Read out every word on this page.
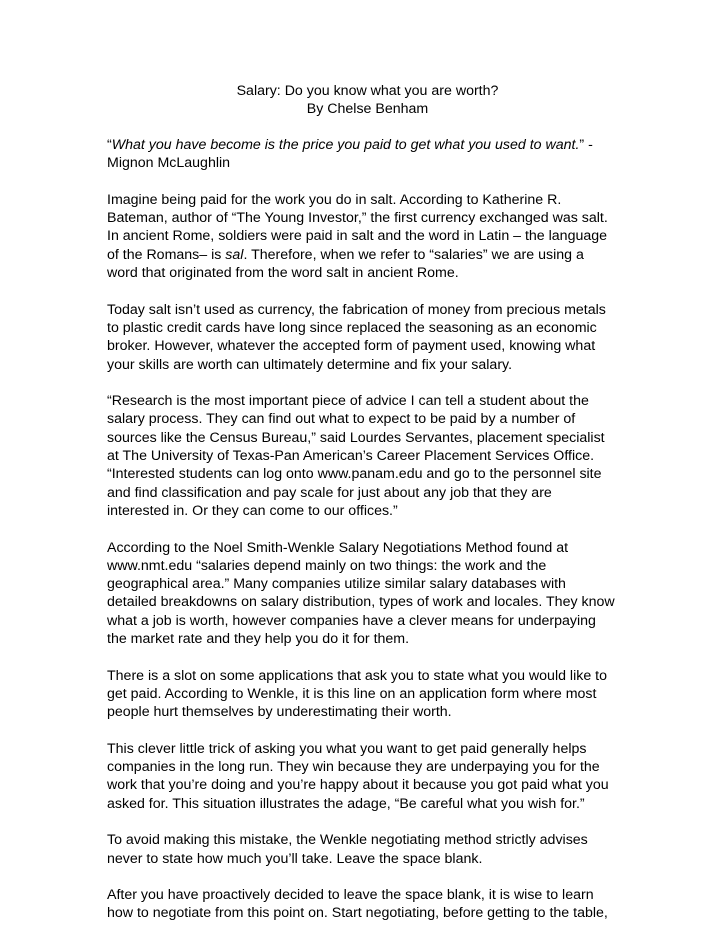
Salary: Do you know what you are worth?
By Chelse Benham
“What you have become is the price you paid to get what you used to want.” -
Mignon McLaughlin
Imagine being paid for the work you do in salt. According to Katherine R.
Bateman, author of “The Young Investor,” the first currency exchanged was salt.
In ancient Rome, soldiers were paid in salt and the word in Latin – the language
of the Romans– is sal. Therefore, when we refer to “salaries” we are using a
word that originated from the word salt in ancient Rome.
Today salt isn’t used as currency, the fabrication of money from precious metals
to plastic credit cards have long since replaced the seasoning as an economic
broker. However, whatever the accepted form of payment used, knowing what
your skills are worth can ultimately determine and fix your salary.
“Research is the most important piece of advice I can tell a student about the
salary process. They can find out what to expect to be paid by a number of
sources like the Census Bureau,” said Lourdes Servantes, placement specialist
at The University of Texas-Pan American’s Career Placement Services Office.
“Interested students can log onto www.panam.edu and go to the personnel site
and find classification and pay scale for just about any job that they are
interested in. Or they can come to our offices.”
According to the Noel Smith-Wenkle Salary Negotiations Method found at
www.nmt.edu “salaries depend mainly on two things: the work and the
geographical area.” Many companies utilize similar salary databases with
detailed breakdowns on salary distribution, types of work and locales. They know
what a job is worth, however companies have a clever means for underpaying
the market rate and they help you do it for them.
There is a slot on some applications that ask you to state what you would like to
get paid. According to Wenkle, it is this line on an application form where most
people hurt themselves by underestimating their worth.
This clever little trick of asking you what you want to get paid generally helps
companies in the long run. They win because they are underpaying you for the
work that you’re doing and you’re happy about it because you got paid what you
asked for. This situation illustrates the adage, “Be careful what you wish for.”
To avoid making this mistake, the Wenkle negotiating method strictly advises
never to state how much you’ll take. Leave the space blank.
After you have proactively decided to leave the space blank, it is wise to learn
how to negotiate from this point on. Start negotiating, before getting to the table,
